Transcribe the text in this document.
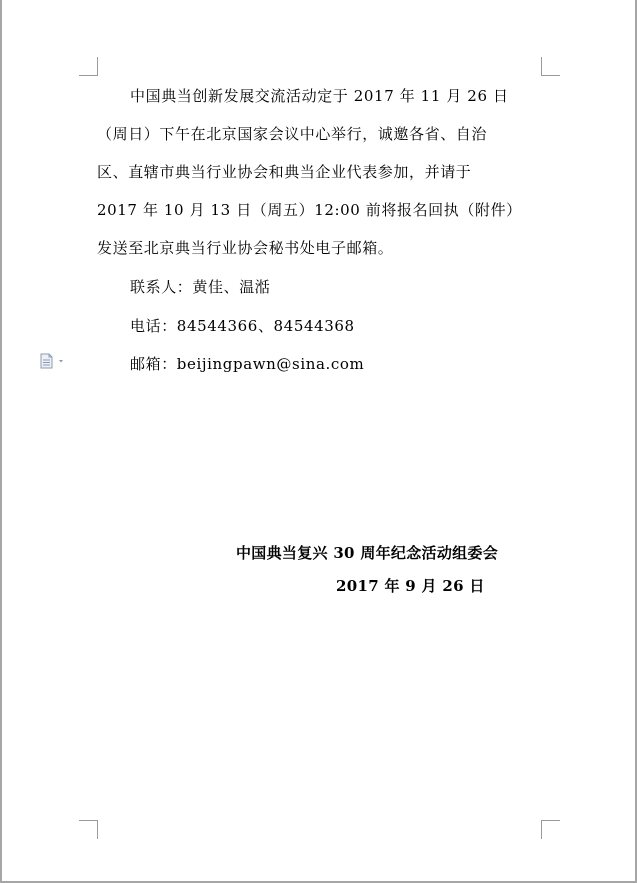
中国典当创新发展交流活动定于 2017 年 11 月 26 日
（周日）下午在北京国家会议中心举行，诚邀各省、自治
区、直辖市典当行业协会和典当企业代表参加，并请于
2017 年 10 月 13 日（周五）12:00 前将报名回执（附件）
发送至北京典当行业协会秘书处电子邮箱。
联系人：黄佳、温湉
电话：84544366、84544368
邮箱：beijingpawn@sina.com
中国典当复兴 30 周年纪念活动组委会
2017 年 9 月 26 日
